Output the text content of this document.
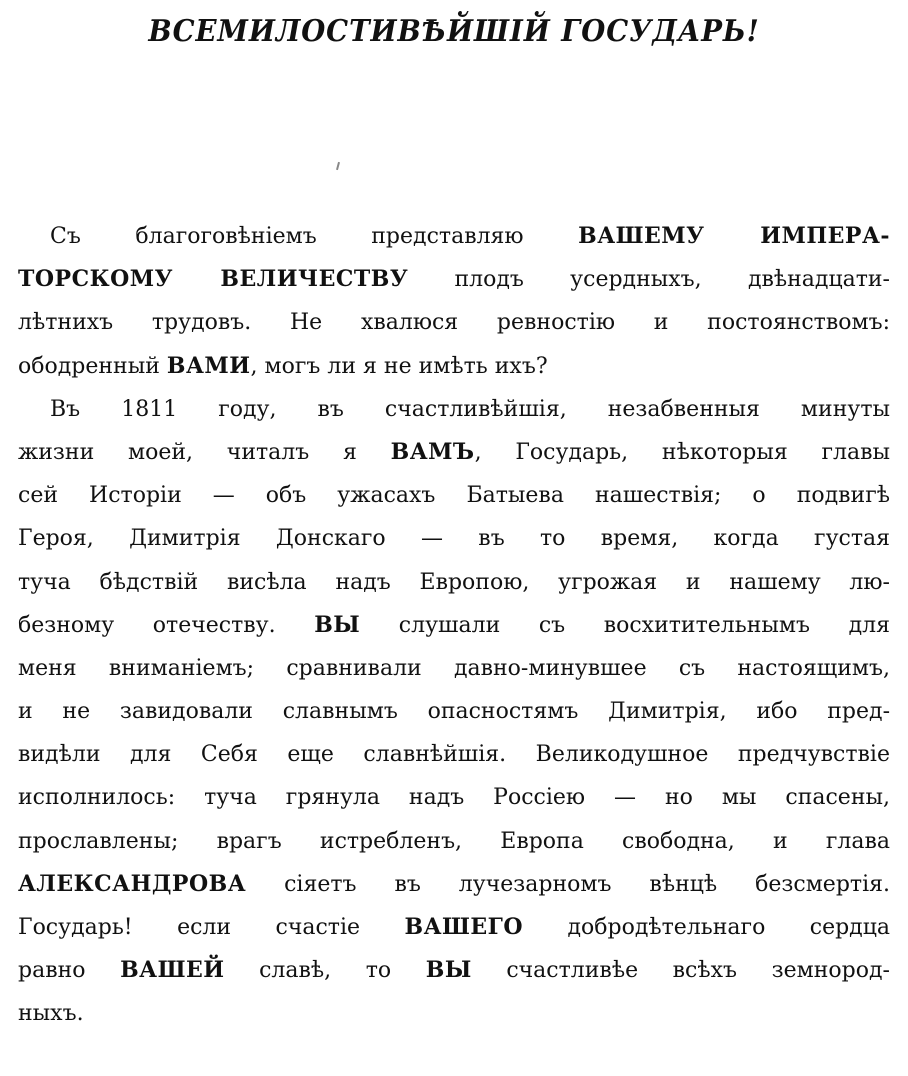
ВСЕМИЛОСТИВѢЙШІЙ ГОСУДАРЬ!
Съ благоговѣніемъ представляю ВАШЕМУ ИМПЕРА-
ТОРСКОМУ ВЕЛИЧЕСТВУ плодъ усердныхъ, двѣнадцати-
лѣтнихъ трудовъ. Не хвалюся ревностію и постоянствомъ:
ободренный ВАМИ, могъ ли я не имѣть ихъ?
Въ 1811 году, въ счастливѣйшія, незабвенныя минуты
жизни моей, читалъ я ВАМЪ, Государь, нѣкоторыя главы
сей Исторіи — объ ужасахъ Батыева нашествія; о подвигѣ
Героя, Димитрія Донскаго — въ то время, когда густая
туча бѣдствій висѣла надъ Европою, угрожая и нашему лю-
безному отечеству. ВЫ слушали съ восхитительнымъ для
меня вниманіемъ; сравнивали давно-минувшее съ настоящимъ,
и не завидовали славнымъ опасностямъ Димитрія, ибо пред-
видѣли для Себя еще славнѣйшія. Великодушное предчувствіе
исполнилось: туча грянула надъ Россіею — но мы спасены,
прославлены; врагъ истребленъ, Европа свободна, и глава
АЛЕКСАНДРОВА сіяетъ въ лучезарномъ вѣнцѣ безсмертія.
Государь! если счастіе ВАШЕГО добродѣтельнаго сердца
равно ВАШЕЙ славѣ, то ВЫ счастливѣе всѣхъ земнород-
ныхъ.
